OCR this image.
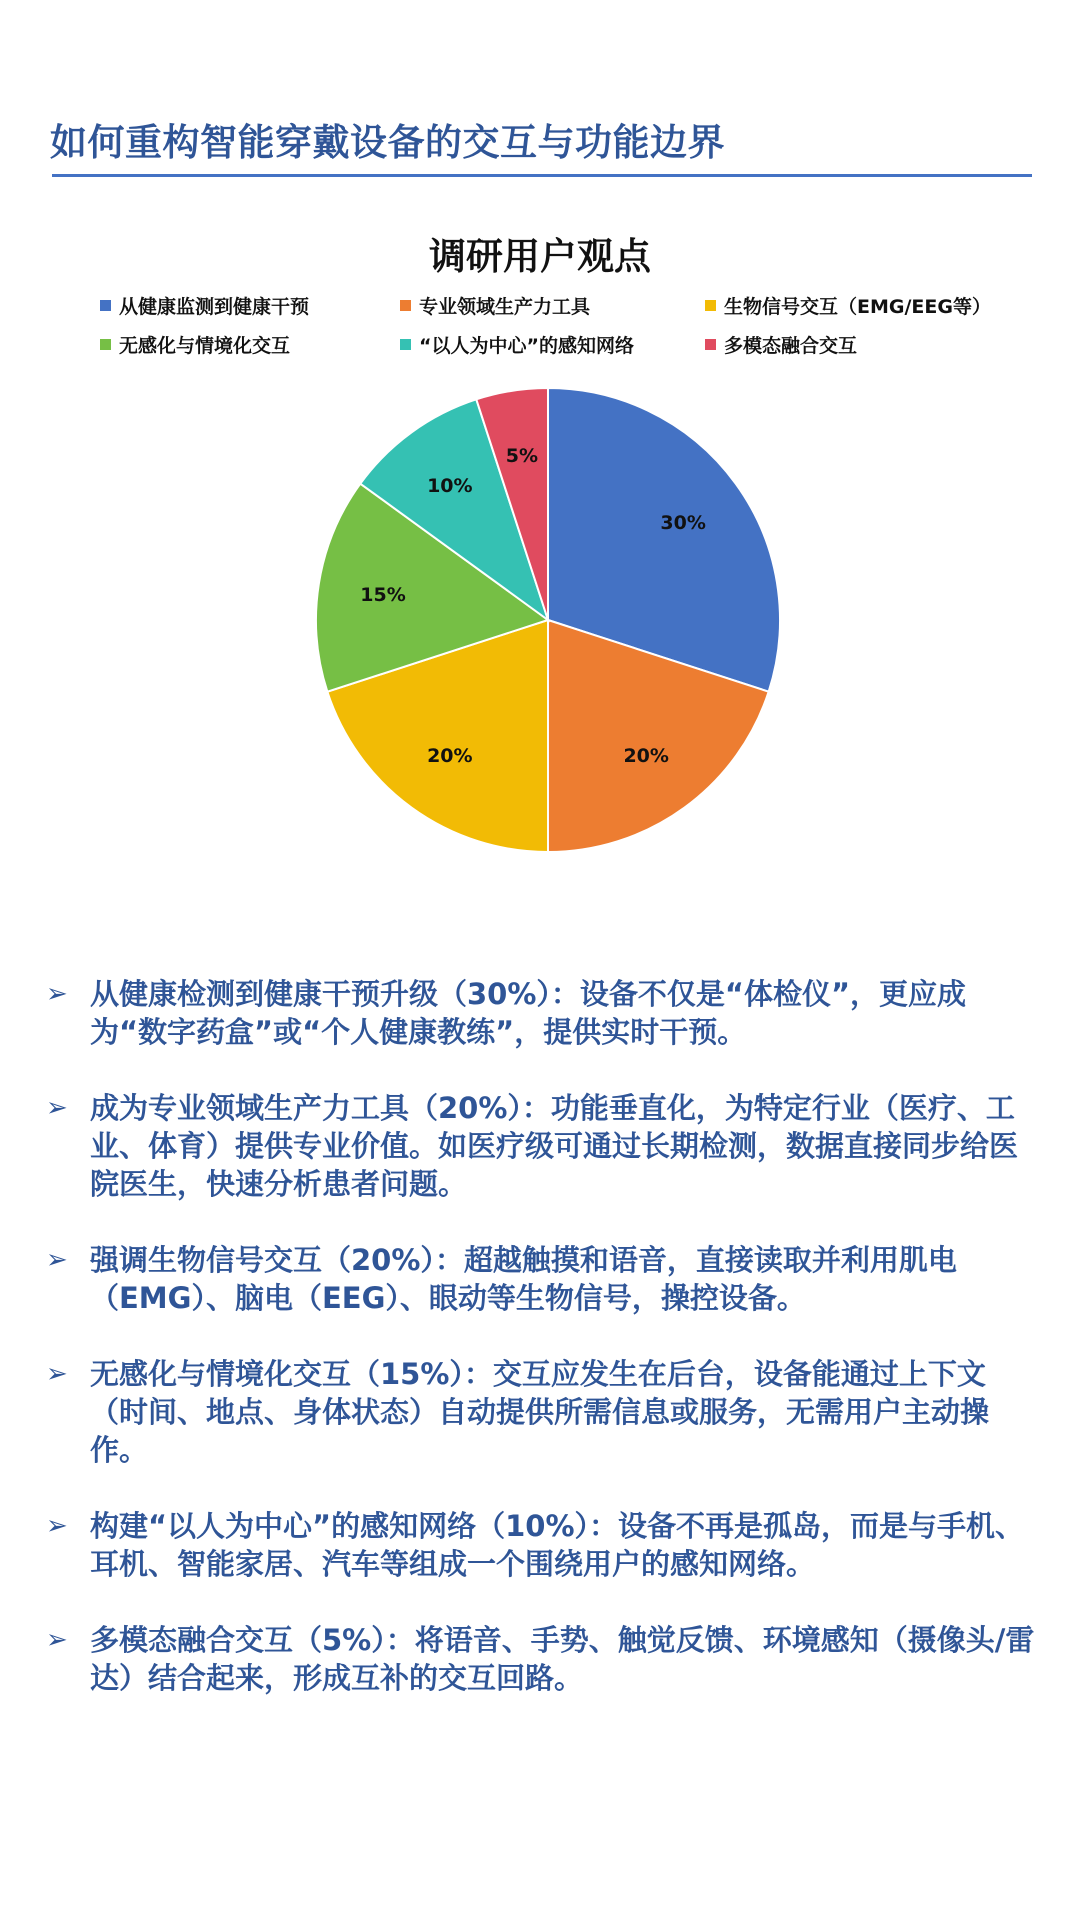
如何重构智能穿戴设备的交互与功能边界
调研用户观点
从健康监测到健康干预	专业领域生产力工具	生物信号交互（EMG/EEG等）
无感化与情境化交互	“以人为中心”的感知网络	多模态融合交互
30%
20%
20%
15%
10%
5%
➢ 从健康检测到健康干预升级（30%）：设备不仅是“体检仪”，更应成为“数字药盒”或“个人健康教练”，提供实时干预。
➢ 成为专业领域生产力工具（20%）：功能垂直化，为特定行业（医疗、工业、体育）提供专业价值。如医疗级可通过长期检测，数据直接同步给医院医生，快速分析患者问题。
➢ 强调生物信号交互（20%）：超越触摸和语音，直接读取并利用肌电（EMG）、脑电（EEG）、眼动等生物信号，操控设备。
➢ 无感化与情境化交互（15%）：交互应发生在后台，设备能通过上下文（时间、地点、身体状态）自动提供所需信息或服务，无需用户主动操作。
➢ 构建“以人为中心”的感知网络（10%）：设备不再是孤岛，而是与手机、耳机、智能家居、汽车等组成一个围绕用户的感知网络。
➢ 多模态融合交互（5%）：将语音、手势、触觉反馈、环境感知（摄像头/雷达）结合起来，形成互补的交互回路。
